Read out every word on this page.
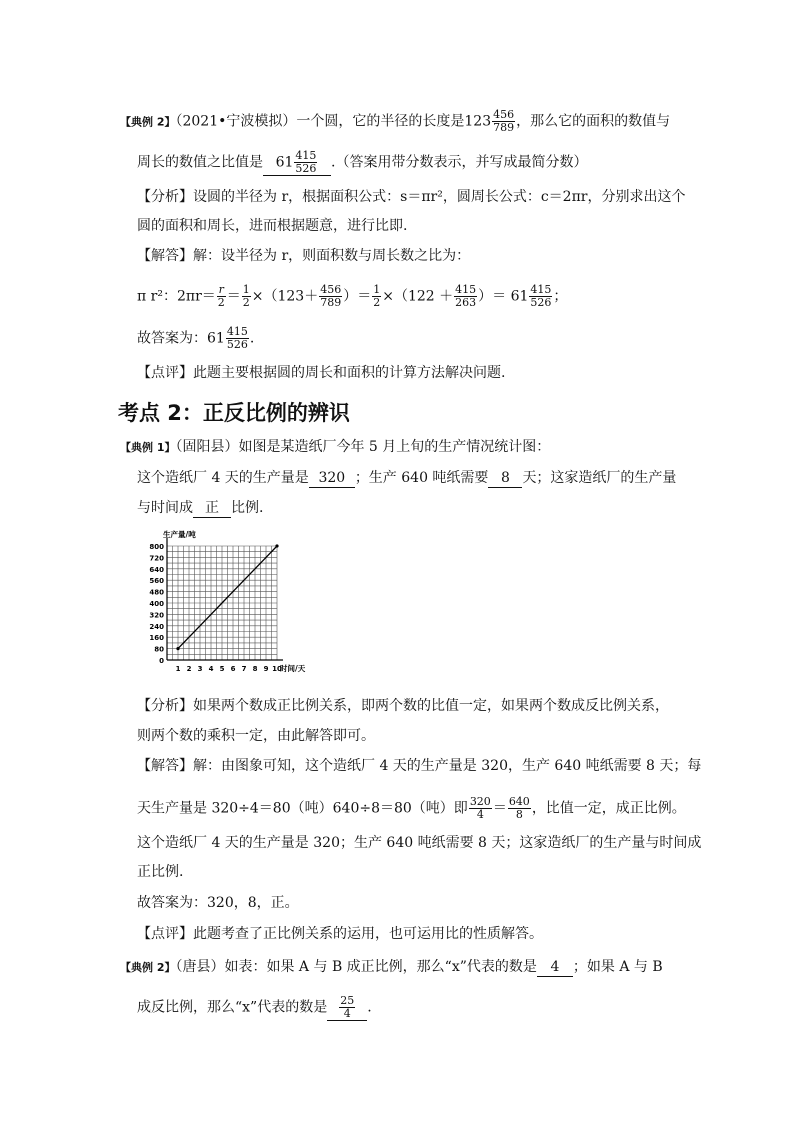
【典例 2】（2021•宁波模拟）一个圆，它的半径的长度是$123 \frac{456}{789}$ ，那么它的面积的数值与
周长的数值之比值是 $61 \frac{415}{526}$ .（答案用带分数表示，并写成最简分数）
【分析】设圆的半径为 r，根据面积公式：s＝πr²，圆周长公式：c＝2πr，分别求出这个
圆的面积和周长，进而根据题意，进行比即.
【解答】解：设半径为 r，则面积数与周长数之比为：
π r²：$2\pi r= \frac{r}{2} = \frac{1}{2} \times(123+ \frac{456}{789}$ ）＝ $\frac{1}{2} \times(122 + \frac{415}{263}$ ）＝ $61 \frac{415}{526}$ ；
故答案为：$61 \frac{415}{526}$ .
【点评】此题主要根据圆的周长和面积的计算方法解决问题.
考点 2：正反比例的辨识
【典例 1】（固阳县）如图是某造纸厂今年 5 月上旬的生产情况统计图：
这个造纸厂 4 天的生产量是 320 ；生产 640 吨纸需要 8 天；这家造纸厂的生产量
与时间成 正 比例.
0
80
160
240
320
400
480
560
640
720
800
1 2 3 4 5 6 7 8 9 10
生产量/吨
时间/天
【分析】如果两个数成正比例关系，即两个数的比值一定，如果两个数成反比例关系，
则两个数的乘积一定，由此解答即可。
【解答】解：由图象可知，这个造纸厂 4 天的生产量是 320，生产 640 吨纸需要 8 天；每
天生产量是 320÷4＝80（吨）640÷8＝80（吨）即 $\frac{320}{4} = \frac{640}{8}$ ，比值一定，成正比例。
这个造纸厂 4 天的生产量是 320；生产 640 吨纸需要 8 天；这家造纸厂的生产量与时间成
正比例.
故答案为：320，8，正。
【点评】此题考查了正比例关系的运用，也可运用比的性质解答。
【典例 2】（唐县）如表：如果 A 与 B 成正比例，那么“x”代表的数是 4 ；如果 A 与 B
成反比例，那么“x”代表的数是 $\frac{25}{4}$ .
